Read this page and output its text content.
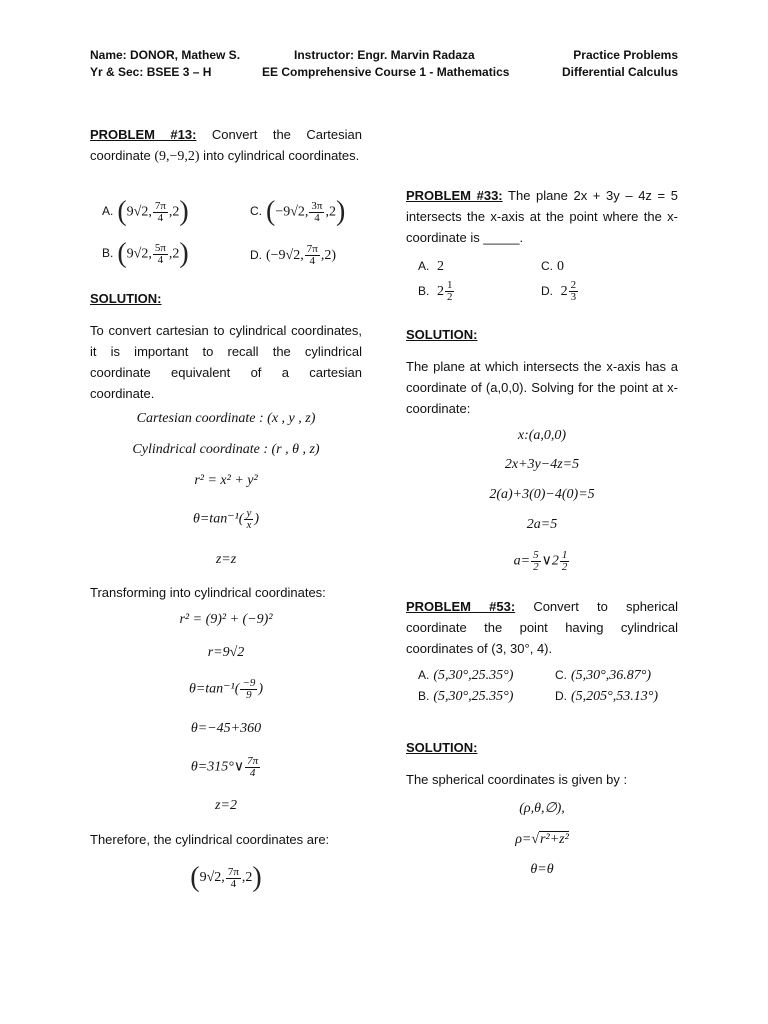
Name: DONOR, Mathew S.
Yr & Sec: BSEE 3 – H
Instructor: Engr. Marvin Radaza
EE Comprehensive Course 1 - Mathematics
Practice Problems
Differential Calculus
PROBLEM #13: Convert the Cartesian coordinate (9,−9,2) into cylindrical coordinates.
A. (9√2, $\frac{7\pi}{4} ,2$)	C. (−9√2, $\frac{3\pi}{4} ,2$)
B. (9√2, $\frac{5\pi}{4} ,2$)	D. (−9√2, $\frac{7\pi}{4} ,2$)
SOLUTION:
To convert cartesian to cylindrical coordinates, it is important to recall the cylindrical coordinate equivalent of a cartesian coordinate.
Cartesian coordinate : (x , y , z)
Cylindrical coordinate : (r , θ , z)
r² = x² + y²
$\theta=\tan^{-1}( \frac{y}{x}$ )
z=z
Transforming into cylindrical coordinates:
r² = (9)² + (−9)²
r=9√2
$\theta=\tan^{-1}( \frac{-9}{9}$ )
θ=−45+360
θ=315°∨ $\frac{7\pi}{4}$
z=2
Therefore, the cylindrical coordinates are:
(9√2, $\frac{7\pi}{4} ,2$)
PROBLEM #33: The plane 2x + 3y – 4z = 5 intersects the x-axis at the point where the x-coordinate is _____.
A. 2	C. 0
B. $2 \frac{1}{2}$	D. $2 \frac{2}{3}$
SOLUTION:
The plane at which intersects the x-axis has a coordinate of (a,0,0). Solving for the point at x-coordinate:
x:(a,0,0)
2x+3y−4z=5
2(a)+3(0)−4(0)=5
2a=5
$a= \frac{5}{2}$ ∨2 $\frac{1}{2}$
PROBLEM #53: Convert to spherical coordinate the point having cylindrical coordinates of (3, 30°, 4).
A. (5,30°,25.35°)	C. (5,30°,36.87°)
B. (5,30°,25.35°)	D. (5,205°,53.13°)
SOLUTION:
The spherical coordinates is given by :
(ρ,θ,∅),
ρ=√r²+z²
θ=θ
